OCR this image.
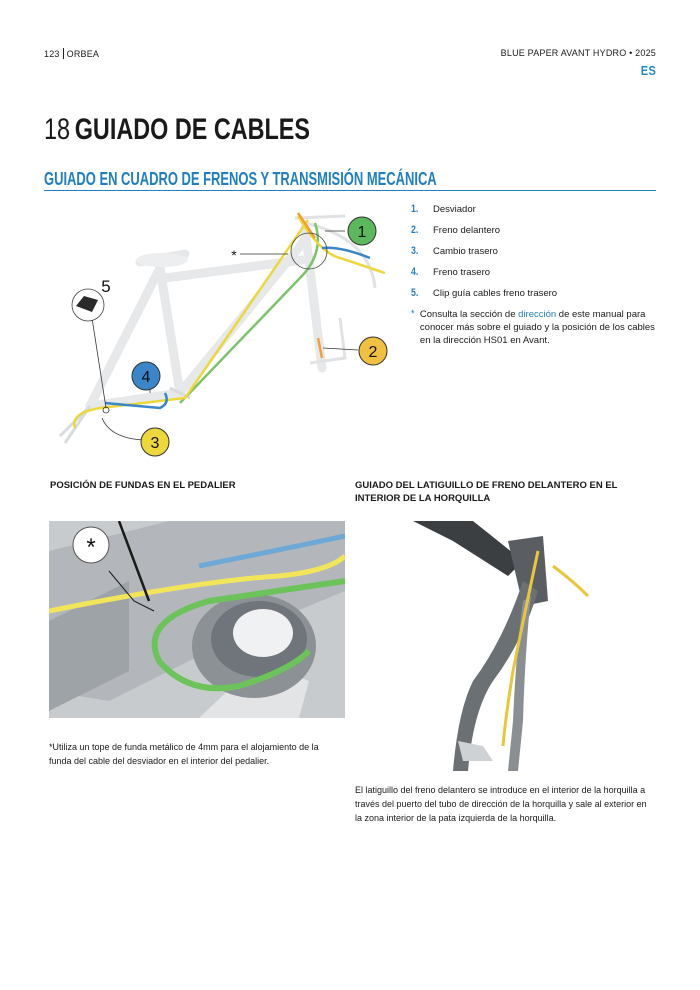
123 ORBEA	BLUE PAPER AVANT HYDRO • 2025
ES
18 GUIADO DE CABLES
GUIADO EN CUADRO DE FRENOS Y TRANSMISIÓN MECÁNICA
1
2
3
4
5
*
1.	Desviador
2.	Freno delantero
3.	Cambio trasero
4.	Freno trasero
5.	Clip guía cables freno trasero
* Consulta la sección de dirección de este manual para conocer más sobre el guiado y la posición de los cables en la dirección HS01 en Avant.
POSICIÓN DE FUNDAS EN EL PEDALIER
*
*Utiliza un tope de funda metálico de 4mm para el alojamiento de la funda del cable del desviador en el interior del pedalier.
GUIADO DEL LATIGUILLO DE FRENO DELANTERO EN EL INTERIOR DE LA HORQUILLA
El latiguillo del freno delantero se introduce en el interior de la horquilla a través del puerto del tubo de dirección de la horquilla y sale al exterior en la zona interior de la pata izquierda de la horquilla.
